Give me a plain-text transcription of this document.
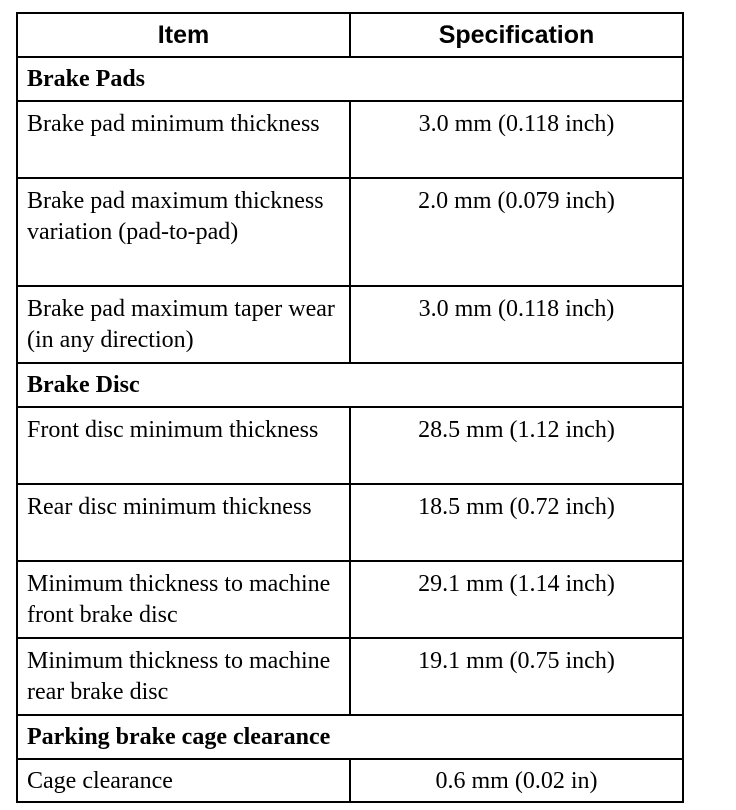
Item	Specification
Brake Pads	
Brake pad minimum thickness	3.0 mm (0.118 inch)
Brake pad maximum thickness variation (pad-to-pad)	2.0 mm (0.079 inch)
Brake pad maximum taper wear (in any direction)	3.0 mm (0.118 inch)
Brake Disc	
Front disc minimum thickness	28.5 mm (1.12 inch)
Rear disc minimum thickness	18.5 mm (0.72 inch)
Minimum thickness to machine front brake disc	29.1 mm (1.14 inch)
Minimum thickness to machine rear brake disc	19.1 mm (0.75 inch)
Parking brake cage clearance	
Cage clearance	0.6 mm (0.02 in)
